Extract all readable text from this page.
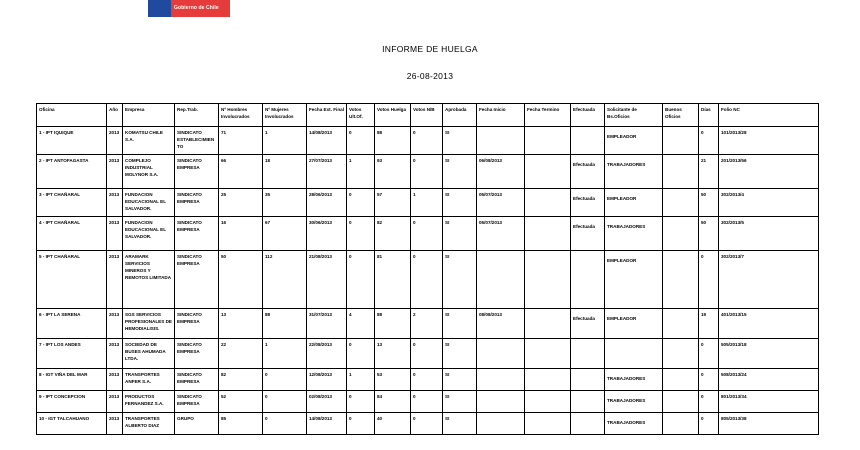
Gobierno de Chile
INFORME DE HUELGA
26-08-2013
Oficina	Año	Empresa	Rep.Trab.	Nº Hombres Involucrados	Nº Mujeres Involucrados	Fecha Ext. Final	Votos Ult.Of.	Votos Huelga	Votos N/B	Aprobada	Fecha Inicio	Fecha Termino	Efectuada	Solicitante de Bs.Oficios	Buenos Oficios	Días	Folio NC
1 - IPT IQUIQUE	2013	KOMATSU CHILE S.A.	SINDICATO ESTABLECIMIENTO	71	1	14/08/2013	0	88	0	SI				EMPLEADOR		0	101/2013/28
2 - IPT ANTOFAGASTA	2013	COMPLEJO INDUSTRIAL MOLYNOR S.A.	SINDICATO EMPRESA	66	18	27/07/2013	1	93	0	SI	06/08/2013		Efectuada	TRABAJADORES		21	201/2013/56
3 - IPT CHAÑARAL	2013	FUNDACION EDUCACIONAL EL SALVADOR.	SINDICATO EMPRESA	25	35	28/06/2013	0	57	1	SI	05/07/2013		Efectuada	EMPLEADOR		50	302/2013/4
4 - IPT CHAÑARAL	2013	FUNDACION EDUCACIONAL EL SALVADOR.	SINDICATO EMPRESA	16	67	30/06/2013	0	82	0	SI	05/07/2013		Efectuada	TRABAJADORES		50	302/2013/5
5 - IPT CHAÑARAL	2013	ARAMARK SERVICIOS MINEROS Y REMOTOS LIMITADA	SINDICATO EMPRESA	50	112	21/08/2013	0	81	0	SI				EMPLEADOR		0	302/2013/7
6 - IPT LA SERENA	2013	SGS SERVICIOS PROFESIONALES DE HEMODIALISIS.	SINDICATO EMPRESA	13	88	31/07/2013	4	88	2	SI	08/08/2013		Efectuada	EMPLEADOR		19	401/2013/15
7 - IPT LOS ANDES	2013	SOCIEDAD DE BUSES AHUMADA LTDA.	SINDICATO EMPRESA	22	1	22/08/2013	0	13	0	SI						0	505/2013/18
8 - IGT VIÑA DEL MAR	2013	TRANSPORTES ANFER S.A.	SINDICATO EMPRESA	82	0	12/08/2013	1	53	0	SI				TRABAJADORES		0	508/2013/24
9 - IPT CONCEPCION	2013	PRODUCTOS FERNANDEZ S.A.	SINDICATO EMPRESA	52	0	02/08/2013	0	84	0	SI				TRABAJADORES		0	801/2013/34
10 - IGT TALCAHUANO	2013	TRANSPORTES ALBERTO DIAZ	GRUPO	85	0	14/08/2013	0	40	0	SI				TRABAJADORES		0	805/2013/38
